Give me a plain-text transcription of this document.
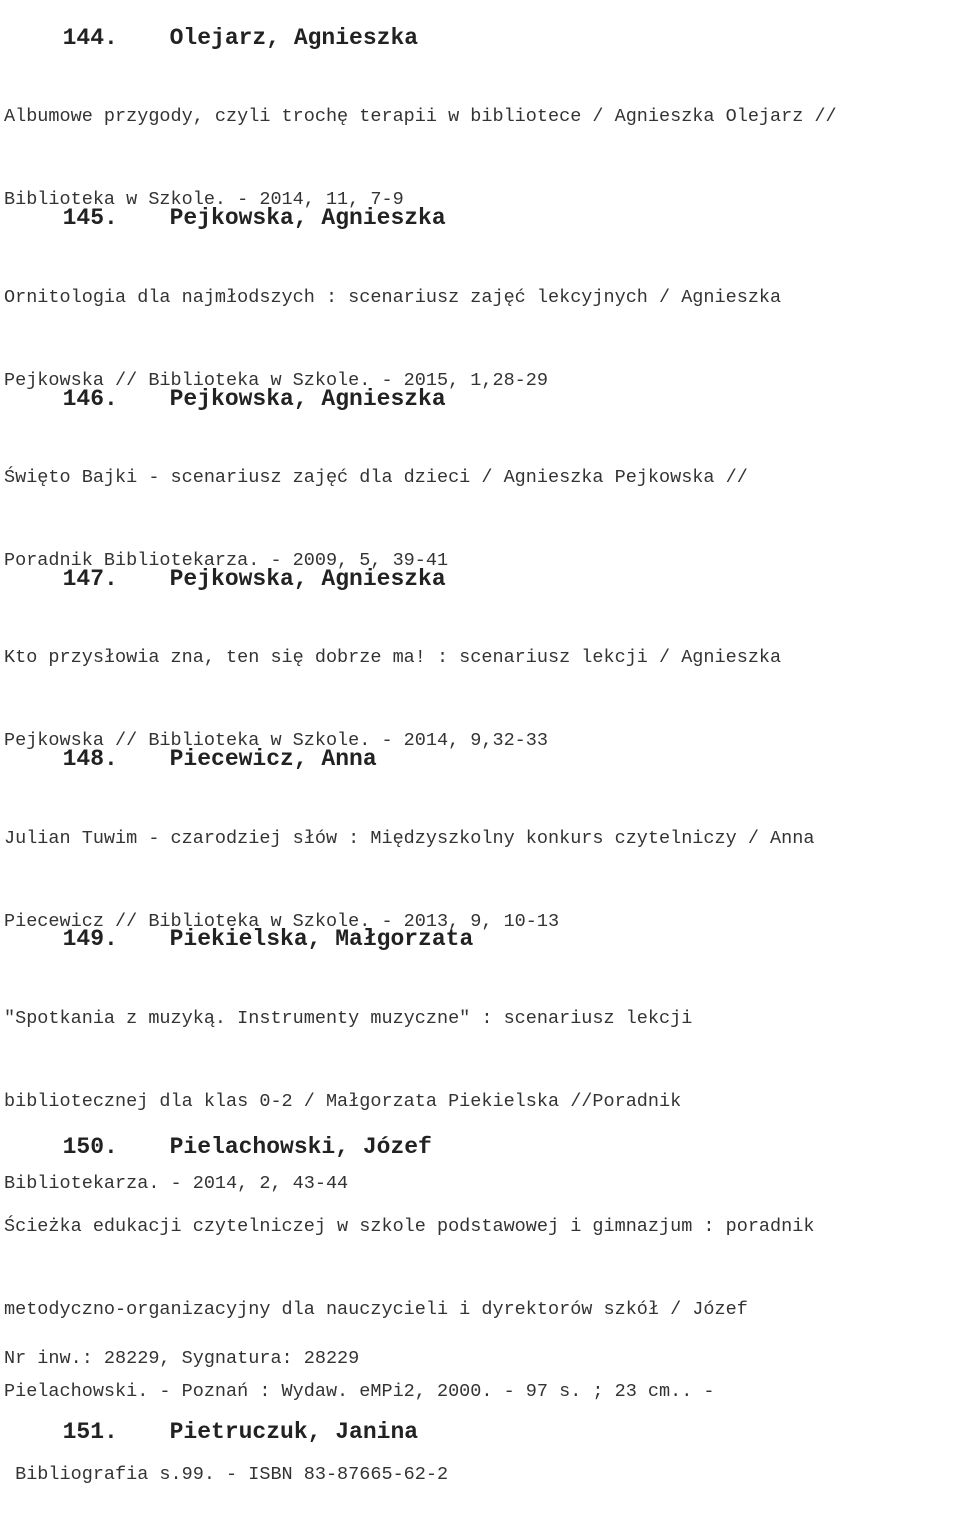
144. Olejarz, Agnieszka

Albumowe przygody, czyli trochę terapii w bibliotece / Agnieszka Olejarz //

Biblioteka w Szkole. - 2014, 11, 7-9

145. Pejkowska, Agnieszka

Ornitologia dla najmłodszych : scenariusz zajęć lekcyjnych / Agnieszka

Pejkowska // Biblioteka w Szkole. - 2015, 1,28-29

146. Pejkowska, Agnieszka

Święto Bajki - scenariusz zajęć dla dzieci / Agnieszka Pejkowska //

Poradnik Bibliotekarza. - 2009, 5, 39-41

147. Pejkowska, Agnieszka

Kto przysłowia zna, ten się dobrze ma! : scenariusz lekcji / Agnieszka

Pejkowska // Biblioteka w Szkole. - 2014, 9,32-33

148. Piecewicz, Anna

Julian Tuwim - czarodziej słów : Międzyszkolny konkurs czytelniczy / Anna

Piecewicz // Biblioteka w Szkole. - 2013, 9, 10-13

149. Piekielska, Małgorzata

"Spotkania z muzyką. Instrumenty muzyczne" : scenariusz lekcji

bibliotecznej dla klas 0-2 / Małgorzata Piekielska //Poradnik

Bibliotekarza. - 2014, 2, 43-44

150. Pielachowski, Józef

Ścieżka edukacji czytelniczej w szkole podstawowej i gimnazjum : poradnik

metodyczno-organizacyjny dla nauczycieli i dyrektorów szkół / Józef

Pielachowski. - Poznań : Wydaw. eMPi2, 2000. - 97 s. ; 23 cm.. -

Bibliografia s.99. - ISBN 83-87665-62-2

Nr inw.: 28229, Sygnatura: 28229

151. Pietruczuk, Janina
